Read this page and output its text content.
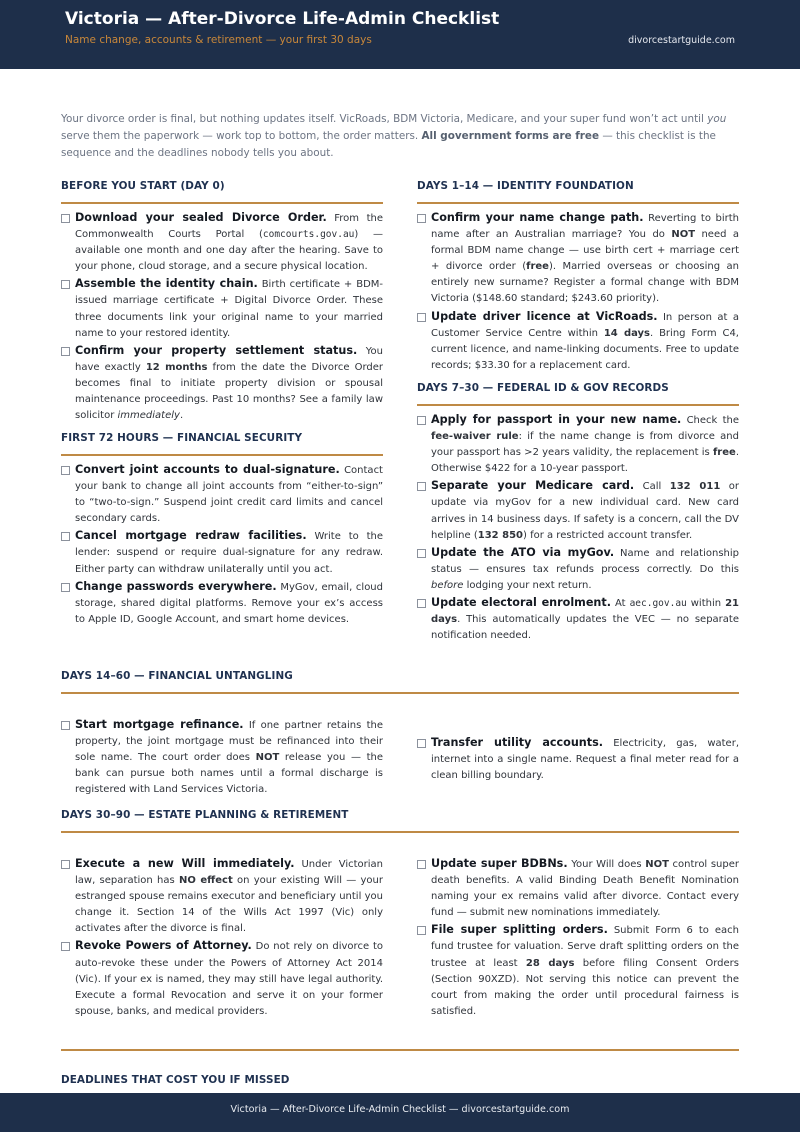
Victoria — After-Divorce Life-Admin Checklist
Name change, accounts & retirement — your first 30 days	divorcestartguide.com
Your divorce order is final, but nothing updates itself. VicRoads, BDM Victoria, Medicare, and your super fund won’t act until you serve them the paperwork — work top to bottom, the order matters. All government forms are free — this checklist is the sequence and the deadlines nobody tells you about.
BEFORE YOU START (DAY 0)
Download your sealed Divorce Order. From the Commonwealth Courts Portal (comcourts.gov.au) — available one month and one day after the hearing. Save to your phone, cloud storage, and a secure physical location.
Assemble the identity chain. Birth certificate + BDM-issued marriage certificate + Digital Divorce Order. These three documents link your original name to your married name to your restored identity.
Confirm your property settlement status. You have exactly 12 months from the date the Divorce Order becomes final to initiate property division or spousal maintenance proceedings. Past 10 months? See a family law solicitor immediately.
FIRST 72 HOURS — FINANCIAL SECURITY
Convert joint accounts to dual-signature. Contact your bank to change all joint accounts from “either-to-sign” to “two-to-sign.” Suspend joint credit card limits and cancel secondary cards.
Cancel mortgage redraw facilities. Write to the lender: suspend or require dual-signature for any redraw. Either party can withdraw unilaterally until you act.
Change passwords everywhere. MyGov, email, cloud storage, shared digital platforms. Remove your ex’s access to Apple ID, Google Account, and smart home devices.
DAYS 1–14 — IDENTITY FOUNDATION
Confirm your name change path. Reverting to birth name after an Australian marriage? You do NOT need a formal BDM name change — use birth cert + marriage cert + divorce order (free). Married overseas or choosing an entirely new surname? Register a formal change with BDM Victoria ($148.60 standard; $243.60 priority).
Update driver licence at VicRoads. In person at a Customer Service Centre within 14 days. Bring Form C4, current licence, and name-linking documents. Free to update records; $33.30 for a replacement card.
DAYS 7–30 — FEDERAL ID & GOV RECORDS
Apply for passport in your new name. Check the fee-waiver rule: if the name change is from divorce and your passport has >2 years validity, the replacement is free. Otherwise $422 for a 10-year passport.
Separate your Medicare card. Call 132 011 or update via myGov for a new individual card. New card arrives in 14 business days. If safety is a concern, call the DV helpline (132 850) for a restricted account transfer.
Update the ATO via myGov. Name and relationship status — ensures tax refunds process correctly. Do this before lodging your next return.
Update electoral enrolment. At aec.gov.au within 21 days. This automatically updates the VEC — no separate notification needed.
DAYS 14–60 — FINANCIAL UNTANGLING
Start mortgage refinance. If one partner retains the property, the joint mortgage must be refinanced into their sole name. The court order does NOT release you — the bank can pursue both names until a formal discharge is registered with Land Services Victoria.
Transfer utility accounts. Electricity, gas, water, internet into a single name. Request a final meter read for a clean billing boundary.
DAYS 30–90 — ESTATE PLANNING & RETIREMENT
Execute a new Will immediately. Under Victorian law, separation has NO effect on your existing Will — your estranged spouse remains executor and beneficiary until you change it. Section 14 of the Wills Act 1997 (Vic) only activates after the divorce is final.
Revoke Powers of Attorney. Do not rely on divorce to auto-revoke these under the Powers of Attorney Act 2014 (Vic). If your ex is named, they may still have legal authority. Execute a formal Revocation and serve it on your former spouse, banks, and medical providers.
Update super BDBNs. Your Will does NOT control super death benefits. A valid Binding Death Benefit Nomination naming your ex remains valid after divorce. Contact every fund — submit new nominations immediately.
File super splitting orders. Submit Form 6 to each fund trustee for valuation. Serve draft splitting orders on the trustee at least 28 days before filing Consent Orders (Section 90XZD). Not serving this notice can prevent the court from making the order until procedural fairness is satisfied.
DEADLINES THAT COST YOU IF MISSED
Victoria — After-Divorce Life-Admin Checklist — divorcestartguide.com
